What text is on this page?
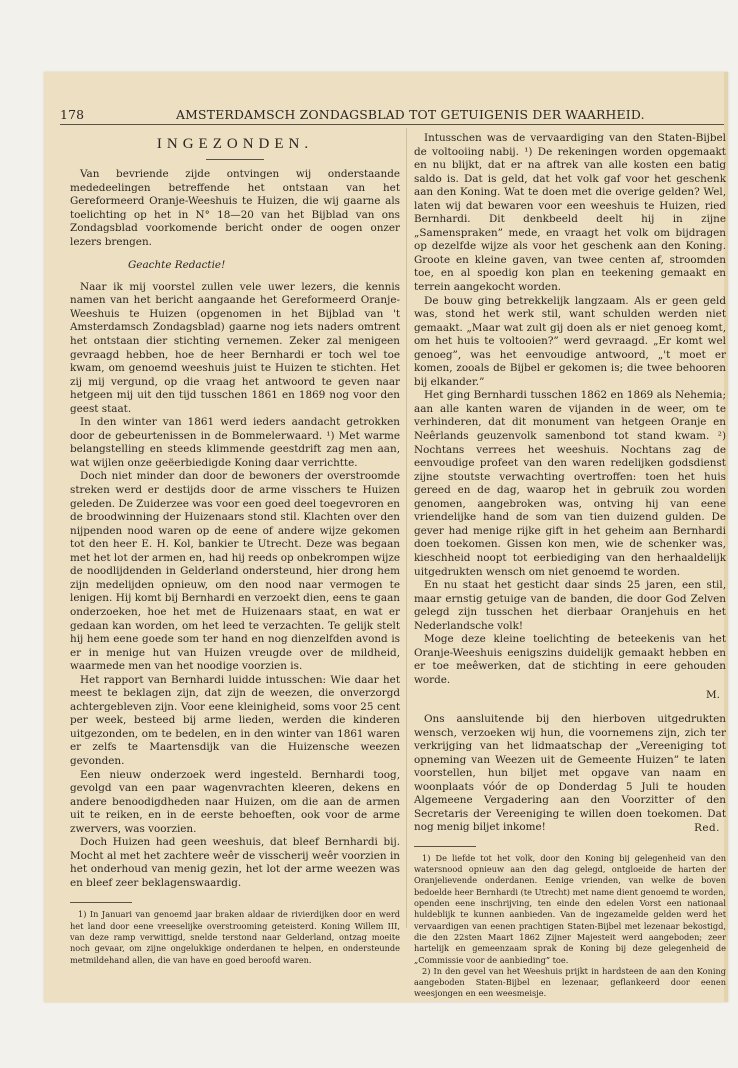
178	AMSTERDAMSCH ZONDAGSBLAD TOT GETUIGENIS DER WAARHEID.
INGEZONDEN.

Van bevriende zijde ontvingen wij onderstaande mededeelingen betreffende het ontstaan van het Gereformeerd Oranje-Weeshuis te Huizen, die wij gaarne als toelichting op het in N° 18—20 van het Bijblad van ons Zondagsblad voorkomende bericht onder de oogen onzer lezers brengen.

Geachte Redactie!

Naar ik mij voorstel zullen vele uwer lezers, die kennis namen van het bericht aangaande het Gereformeerd Oranje-Weeshuis te Huizen (opgenomen in het Bijblad van 't Amsterdamsch Zondagsblad) gaarne nog iets naders omtrent het ontstaan dier stichting vernemen. Zeker zal menigeen gevraagd hebben, hoe de heer Bernhardi er toch wel toe kwam, om genoemd weeshuis juist te Huizen te stichten. Het zij mij vergund, op die vraag het antwoord te geven naar hetgeen mij uit den tijd tusschen 1861 en 1869 nog voor den geest staat.

In den winter van 1861 werd ieders aandacht getrokken door de gebeurtenissen in de Bommelerwaard. ¹) Met warme belangstelling en steeds klimmende geestdrift zag men aan, wat wijlen onze geëerbiedigde Koning daar verrichtte.

Doch niet minder dan door de bewoners der overstroomde streken werd er destijds door de arme visschers te Huizen geleden. De Zuiderzee was voor een goed deel toegevroren en de broodwinning der Huizenaars stond stil. Klachten over den nijpenden nood waren op de eene of andere wijze gekomen tot den heer E. H. Kol, bankier te Utrecht. Deze was begaan met het lot der armen en, had hij reeds op onbekrompen wijze de noodlijdenden in Gelderland ondersteund, hier drong hem zijn medelijden opnieuw, om den nood naar vermogen te lenigen. Hij komt bij Bernhardi en verzoekt dien, eens te gaan onderzoeken, hoe het met de Huizenaars staat, en wat er gedaan kan worden, om het leed te verzachten. Te gelijk stelt hij hem eene goede som ter hand en nog dienzelfden avond is er in menige hut van Huizen vreugde over de mildheid, waarmede men van het noodige voorzien is.

Het rapport van Bernhardi luidde intusschen: Wie daar het meest te beklagen zijn, dat zijn de weezen, die onverzorgd achtergebleven zijn. Voor eene kleinigheid, soms voor 25 cent per week, besteed bij arme lieden, werden die kinderen uitgezonden, om te bedelen, en in den winter van 1861 waren er zelfs te Maartensdijk van die Huizensche weezen gevonden.

Een nieuw onderzoek werd ingesteld. Bernhardi toog, gevolgd van een paar wagenvrachten kleeren, dekens en andere benoodigdheden naar Huizen, om die aan de armen uit te reiken, en in de eerste behoeften, ook voor de arme zwervers, was voorzien.

Doch Huizen had geen weeshuis, dat bleef Bernhardi bij. Mocht al met het zachtere weêr de visscherij weêr voorzien in het onderhoud van menig gezin, het lot der arme weezen was en bleef zeer beklagenswaardig.

1) In Januari van genoemd jaar braken aldaar de rivierdijken door en werd het land door eene vreeselijke overstrooming geteisterd. Koning Willem III, van deze ramp verwittigd, snelde terstond naar Gelderland, ontzag moeite noch gevaar, om zijne ongelukkige onderdanen te helpen, en ondersteunde metmildehand allen, die van have en goed beroofd waren.

Intusschen was de vervaardiging van den Staten-Bijbel de voltooiing nabij. ¹) De rekeningen worden opgemaakt en nu blijkt, dat er na aftrek van alle kosten een batig saldo is. Dat is geld, dat het volk gaf voor het geschenk aan den Koning. Wat te doen met die overige gelden? Wel, laten wij dat bewaren voor een weeshuis te Huizen, ried Bernhardi. Dit denkbeeld deelt hij in zijne „Samenspraken” mede, en vraagt het volk om bijdragen op dezelfde wijze als voor het geschenk aan den Koning. Groote en kleine gaven, van twee centen af, stroomden toe, en al spoedig kon plan en teekening gemaakt en terrein aangekocht worden.

De bouw ging betrekkelijk langzaam. Als er geen geld was, stond het werk stil, want schulden werden niet gemaakt. „Maar wat zult gij doen als er niet genoeg komt, om het huis te voltooien?” werd gevraagd. „Er komt wel genoeg”, was het eenvoudige antwoord, „'t moet er komen, zooals de Bijbel er gekomen is; die twee behooren bij elkander.”

Het ging Bernhardi tusschen 1862 en 1869 als Nehemia; aan alle kanten waren de vijanden in de weer, om te verhinderen, dat dit monument van hetgeen Oranje en Neêrlands geuzenvolk samenbond tot stand kwam. ²) Nochtans verrees het weeshuis. Nochtans zag de eenvoudige profeet van den waren redelijken godsdienst zijne stoutste verwachting overtroffen: toen het huis gereed en de dag, waarop het in gebruik zou worden genomen, aangebroken was, ontving hij van eene vriendelijke hand de som van tien duizend gulden. De gever had menige rijke gift in het geheim aan Bernhardi doen toekomen. Gissen kon men, wie de schenker was, kieschheid noopt tot eerbiediging van den herhaaldelijk uitgedrukten wensch om niet genoemd te worden.

En nu staat het gesticht daar sinds 25 jaren, een stil, maar ernstig getuige van de banden, die door God Zelven gelegd zijn tusschen het dierbaar Oranjehuis en het Nederlandsche volk!

Moge deze kleine toelichting de beteekenis van het Oranje-Weeshuis eenigszins duidelijk gemaakt hebben en er toe meêwerken, dat de stichting in eere gehouden worde.

M.

Ons aansluitende bij den hierboven uitgedrukten wensch, verzoeken wij hun, die voornemens zijn, zich ter verkrijging van het lidmaatschap der „Vereeniging tot opneming van Weezen uit de Gemeente Huizen” te laten voorstellen, hun biljet met opgave van naam en woonplaats vóór de op Donderdag 5 Juli te houden Algemeene Vergadering aan den Voorzitter of den Secretaris der Vereeniging te willen doen toekomen. Dat nog menig biljet inkome!	Red.

1) De liefde tot het volk, door den Koning bij gelegenheid van den watersnood opnieuw aan den dag gelegd, ontgloeide de harten der Oranjelievende onderdanen. Eenige vrienden, van welke de boven bedoelde heer Bernhardi (te Utrecht) met name dient genoemd te worden, openden eene inschrijving, ten einde den edelen Vorst een nationaal huldeblijk te kunnen aanbieden. Van de ingezamelde gelden werd het vervaardigen van eenen prachtigen Staten-Bijbel met lezenaar bekostigd, die den 22sten Maart 1862 Zijner Majesteit werd aangeboden; zeer hartelijk en gemeenzaam sprak de Koning bij deze gelegenheid de „Commissie voor de aanbieding” toe.

2) In den gevel van het Weeshuis prijkt in hardsteen de aan den Koning aangeboden Staten-Bijbel en lezenaar, geflankeerd door eenen weesjongen en een weesmeisje.
